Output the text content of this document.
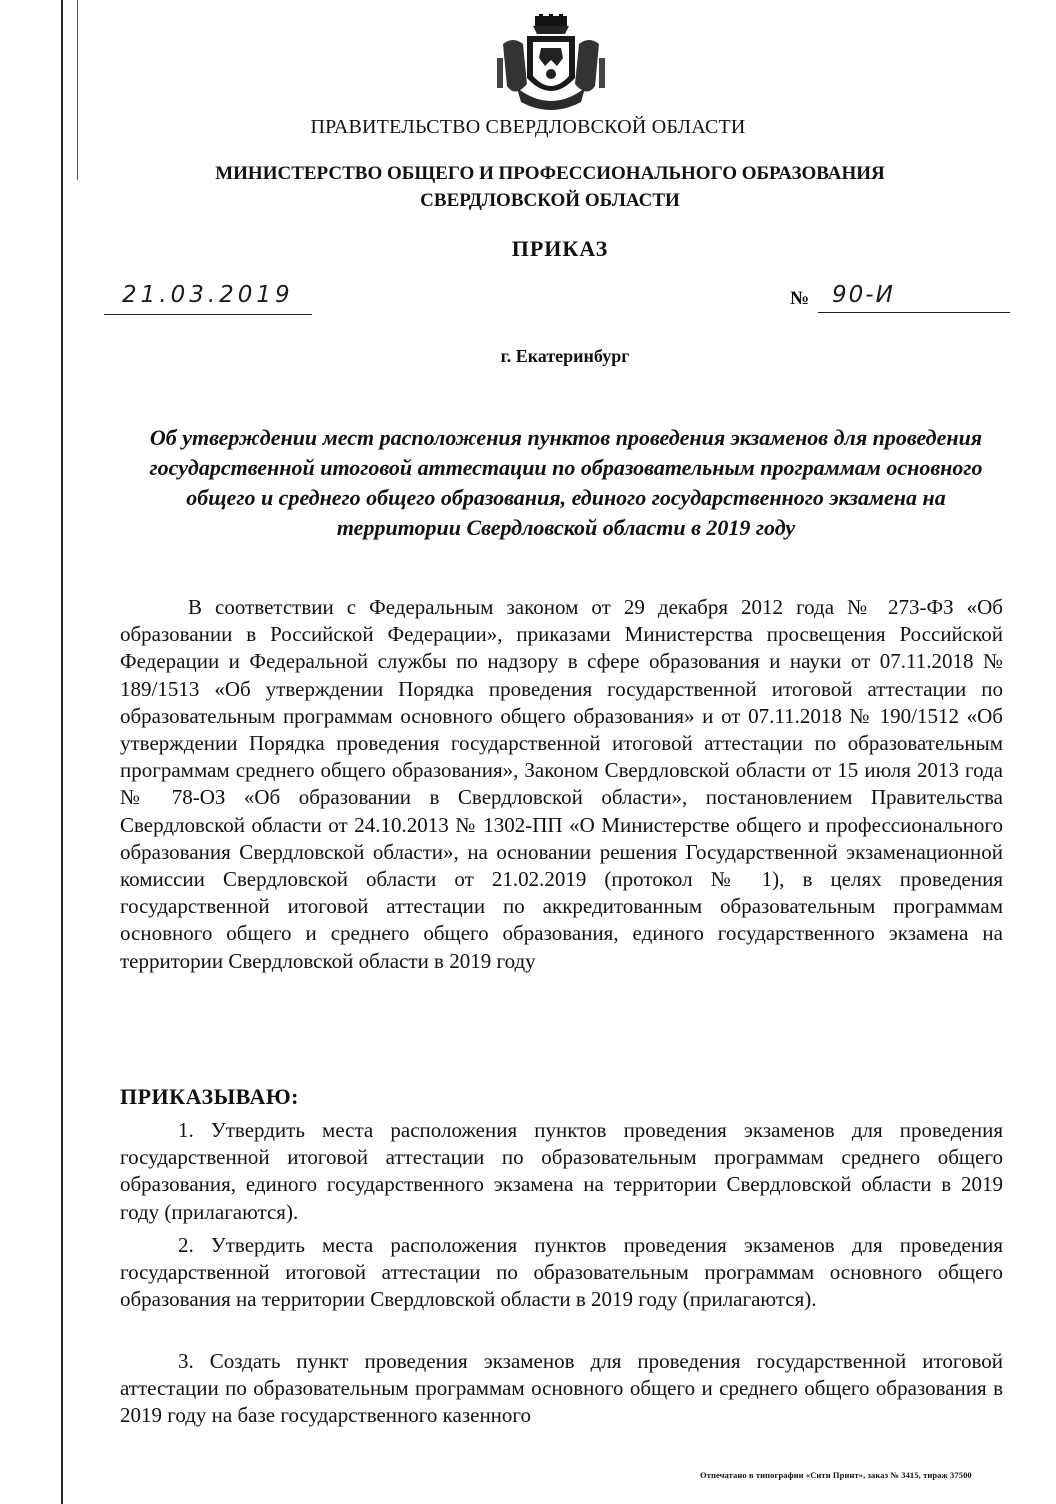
ПРАВИТЕЛЬСТВО СВЕРДЛОВСКОЙ ОБЛАСТИ
МИНИСТЕРСТВО ОБЩЕГО И ПРОФЕССИОНАЛЬНОГО ОБРАЗОВАНИЯ
СВЕРДЛОВСКОЙ ОБЛАСТИ
ПРИКАЗ
21.03.2019	№ 90-И
г. Екатеринбург
Об утверждении мест расположения пунктов проведения экзаменов для проведения государственной итоговой аттестации по образовательным программам основного общего и среднего общего образования, единого государственного экзамена на территории Свердловской области в 2019 году
В соответствии с Федеральным законом от 29 декабря 2012 года № 273-ФЗ «Об образовании в Российской Федерации», приказами Министерства просвещения Российской Федерации и Федеральной службы по надзору в сфере образования и науки от 07.11.2018 № 189/1513 «Об утверждении Порядка проведения государственной итоговой аттестации по образовательным программам основного общего образования» и от 07.11.2018 № 190/1512 «Об утверждении Порядка проведения государственной итоговой аттестации по образовательным программам среднего общего образования», Законом Свердловской области от 15 июля 2013 года № 78-ОЗ «Об образовании в Свердловской области», постановлением Правительства Свердловской области от 24.10.2013 № 1302-ПП «О Министерстве общего и профессионального образования Свердловской области», на основании решения Государственной экзаменационной комиссии Свердловской области от 21.02.2019 (протокол № 1), в целях проведения государственной итоговой аттестации по аккредитованным образовательным программам основного общего и среднего общего образования, единого государственного экзамена на территории Свердловской области в 2019 году
ПРИКАЗЫВАЮ:
1. Утвердить места расположения пунктов проведения экзаменов для проведения государственной итоговой аттестации по образовательным программам среднего общего образования, единого государственного экзамена на территории Свердловской области в 2019 году (прилагаются).
2. Утвердить места расположения пунктов проведения экзаменов для проведения государственной итоговой аттестации по образовательным программам основного общего образования на территории Свердловской области в 2019 году (прилагаются).
3. Создать пункт проведения экзаменов для проведения государственной итоговой аттестации по образовательным программам основного общего и среднего общего образования в 2019 году на базе государственного казенного
Отпечатано в типографии «Сити Принт», заказ № 3415, тираж 37500
